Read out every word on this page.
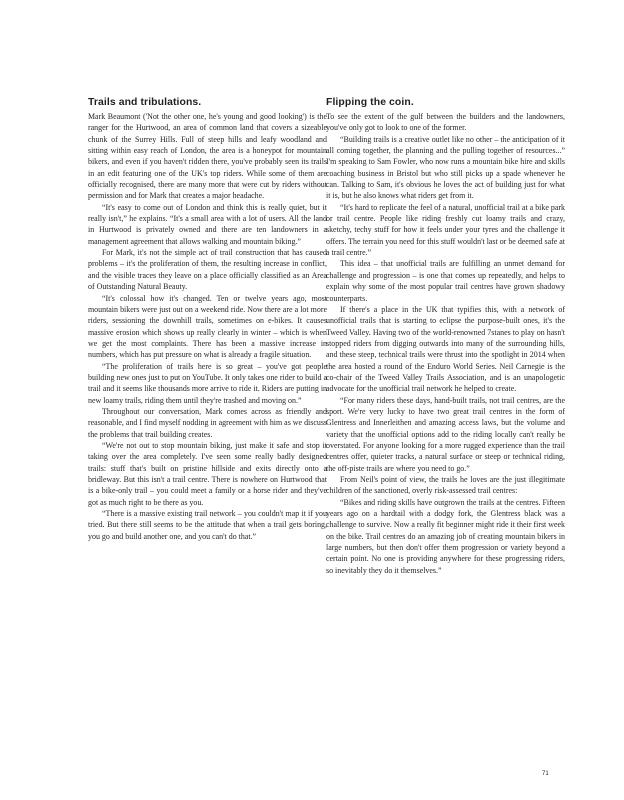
Trails and tribulations.

Mark Beaumont ('Not the other one, he's young and good looking') is the ranger for the Hurtwood, an area of common land that covers a sizeable chunk of the Surrey Hills. Full of steep hills and leafy woodland and sitting within easy reach of London, the area is a honeypot for mountain bikers, and even if you haven't ridden there, you've probably seen its trails in an edit featuring one of the UK's top riders. While some of them are officially recognised, there are many more that were cut by riders without permission and for Mark that creates a major headache.

“It's easy to come out of London and think this is really quiet, but it really isn't,” he explains. “It's a small area with a lot of users. All the land in Hurtwood is privately owned and there are ten landowners in a management agreement that allows walking and mountain biking.”

For Mark, it's not the simple act of trail construction that has caused problems – it's the proliferation of them, the resulting increase in conflict, and the visible traces they leave on a place officially classified as an Area of Outstanding Natural Beauty.

“It's colossal how it's changed. Ten or twelve years ago, most mountain bikers were just out on a weekend ride. Now there are a lot more riders, sessioning the downhill trails, sometimes on e-bikes. It causes massive erosion which shows up really clearly in winter – which is when we get the most complaints. There has been a massive increase in numbers, which has put pressure on what is already a fragile situation.

“The proliferation of trails here is so great – you've got people building new ones just to put on YouTube. It only takes one rider to build a trail and it seems like thousands more arrive to ride it. Riders are putting in new loamy trails, riding them until they're trashed and moving on.”

Throughout our conversation, Mark comes across as friendly and reasonable, and I find myself nodding in agreement with him as we discuss the problems that trail building creates.

“We're not out to stop mountain biking, just make it safe and stop it taking over the area completely. I've seen some really badly designed trails: stuff that's built on pristine hillside and exits directly onto a bridleway. But this isn't a trail centre. There is nowhere on Hurtwood that is a bike-only trail – you could meet a family or a horse rider and they've got as much right to be there as you.

“There is a massive existing trail network – you couldn't map it if you tried. But there still seems to be the attitude that when a trail gets boring, you go and build another one, and you can't do that.”

Flipping the coin.

To see the extent of the gulf between the builders and the landowners, you've only got to look to one of the former.

“Building trails is a creative outlet like no other – the anticipation of it all coming together, the planning and the pulling together of resources...” I'm speaking to Sam Fowler, who now runs a mountain bike hire and skills coaching business in Bristol but who still picks up a spade whenever he can. Talking to Sam, it's obvious he loves the act of building just for what it is, but he also knows what riders get from it.

“It's hard to replicate the feel of a natural, unofficial trail at a bike park or trail centre. People like riding freshly cut loamy trails and crazy, sketchy, techy stuff for how it feels under your tyres and the challenge it offers. The terrain you need for this stuff wouldn't last or be deemed safe at a trail centre.”

This idea – that unofficial trails are fulfilling an unmet demand for challenge and progression – is one that comes up repeatedly, and helps to explain why some of the most popular trail centres have grown shadowy counterparts.

If there's a place in the UK that typifies this, with a network of unofficial trails that is starting to eclipse the purpose-built ones, it's the Tweed Valley. Having two of the world-renowned 7stanes to play on hasn't stopped riders from digging outwards into many of the surrounding hills, and these steep, technical trails were thrust into the spotlight in 2014 when the area hosted a round of the Enduro World Series. Neil Carnegie is the co-chair of the Tweed Valley Trails Association, and is an unapologetic advocate for the unofficial trail network he helped to create.

“For many riders these days, hand-built trails, not trail centres, are the sport. We're very lucky to have two great trail centres in the form of Glentress and Innerleithen and amazing access laws, but the volume and variety that the unofficial options add to the riding locally can't really be overstated. For anyone looking for a more rugged experience than the trail centres offer, quieter tracks, a natural surface or steep or technical riding, the off-piste trails are where you need to go.”

From Neil's point of view, the trails he loves are the just illegitimate children of the sanctioned, overly risk-assessed trail centres:

“Bikes and riding skills have outgrown the trails at the centres. Fifteen years ago on a hardtail with a dodgy fork, the Glentress black was a challenge to survive. Now a really fit beginner might ride it their first week on the bike. Trail centres do an amazing job of creating mountain bikers in large numbers, but then don't offer them progression or variety beyond a certain point. No one is providing anywhere for these progressing riders, so inevitably they do it themselves.”

71
